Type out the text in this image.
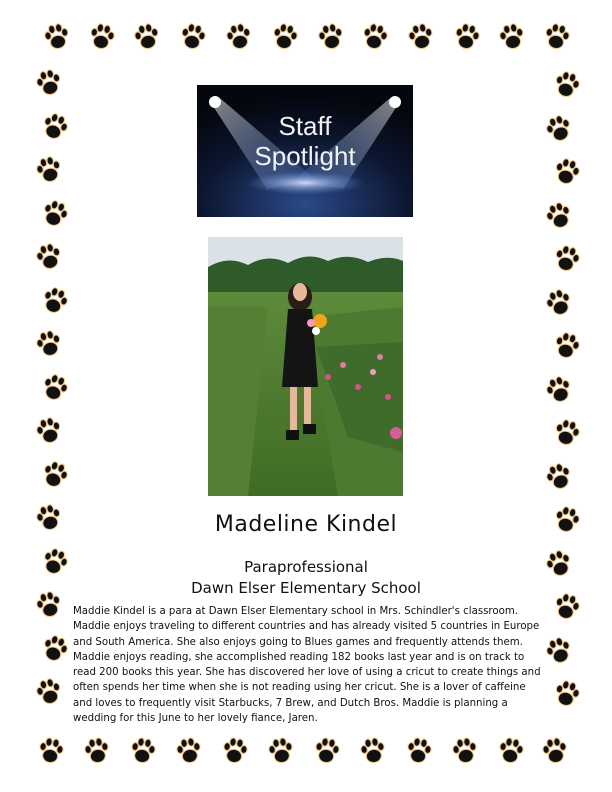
Staff
Spotlight
Madeline Kindel
Paraprofessional
Dawn Elser Elementary School

Maddie Kindel is a para at Dawn Elser Elementary school in Mrs. Schindler's classroom. Maddie enjoys traveling to different countries and has already visited 5 countries in Europe and South America. She also enjoys going to Blues games and frequently attends them. Maddie enjoys reading, she accomplished reading 182 books last year and is on track to read 200 books this year. She has discovered her love of using a cricut to create things and often spends her time when she is not reading using her cricut. She is a lover of caffeine and loves to frequently visit Starbucks, 7 Brew, and Dutch Bros. Maddie is planning a wedding for this June to her lovely fiance, Jaren.
